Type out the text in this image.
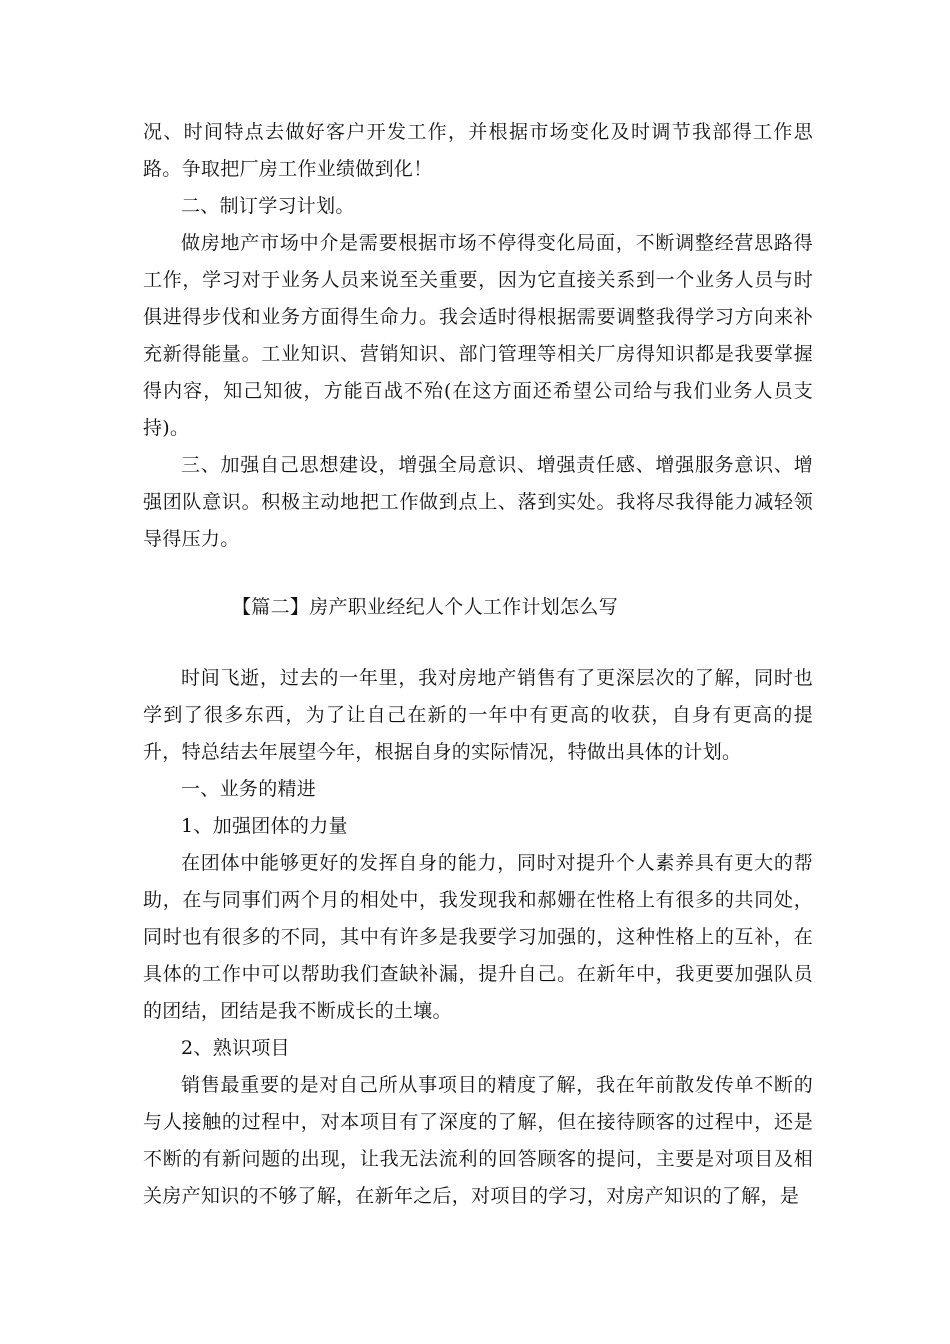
况、时间特点去做好客户开发工作，并根据市场变化及时调节我部得工作思路。争取把厂房工作业绩做到化！

二、制订学习计划。

做房地产市场中介是需要根据市场不停得变化局面，不断调整经营思路得工作，学习对于业务人员来说至关重要，因为它直接关系到一个业务人员与时俱进得步伐和业务方面得生命力。我会适时得根据需要调整我得学习方向来补充新得能量。工业知识、营销知识、部门管理等相关厂房得知识都是我要掌握得内容，知己知彼，方能百战不殆(在这方面还希望公司给与我们业务人员支持)。

三、加强自己思想建设，增强全局意识、增强责任感、增强服务意识、增强团队意识。积极主动地把工作做到点上、落到实处。我将尽我得能力减轻领导得压力。

【篇二】房产职业经纪人个人工作计划怎么写

时间飞逝，过去的一年里，我对房地产销售有了更深层次的了解，同时也学到了很多东西，为了让自己在新的一年中有更高的收获，自身有更高的提升，特总结去年展望今年，根据自身的实际情况，特做出具体的计划。

一、业务的精进

1、加强团体的力量

在团体中能够更好的发挥自身的能力，同时对提升个人素养具有更大的帮助，在与同事们两个月的相处中，我发现我和郝姗在性格上有很多的共同处，同时也有很多的不同，其中有许多是我要学习加强的，这种性格上的互补，在具体的工作中可以帮助我们查缺补漏，提升自己。在新年中，我更要加强队员的团结，团结是我不断成长的土壤。

2、熟识项目

销售最重要的是对自己所从事项目的精度了解，我在年前散发传单不断的与人接触的过程中，对本项目有了深度的了解，但在接待顾客的过程中，还是不断的有新问题的出现，让我无法流利的回答顾客的提问，主要是对项目及相关房产知识的不够了解，在新年之后，对项目的学习，对房产知识的了解，是
